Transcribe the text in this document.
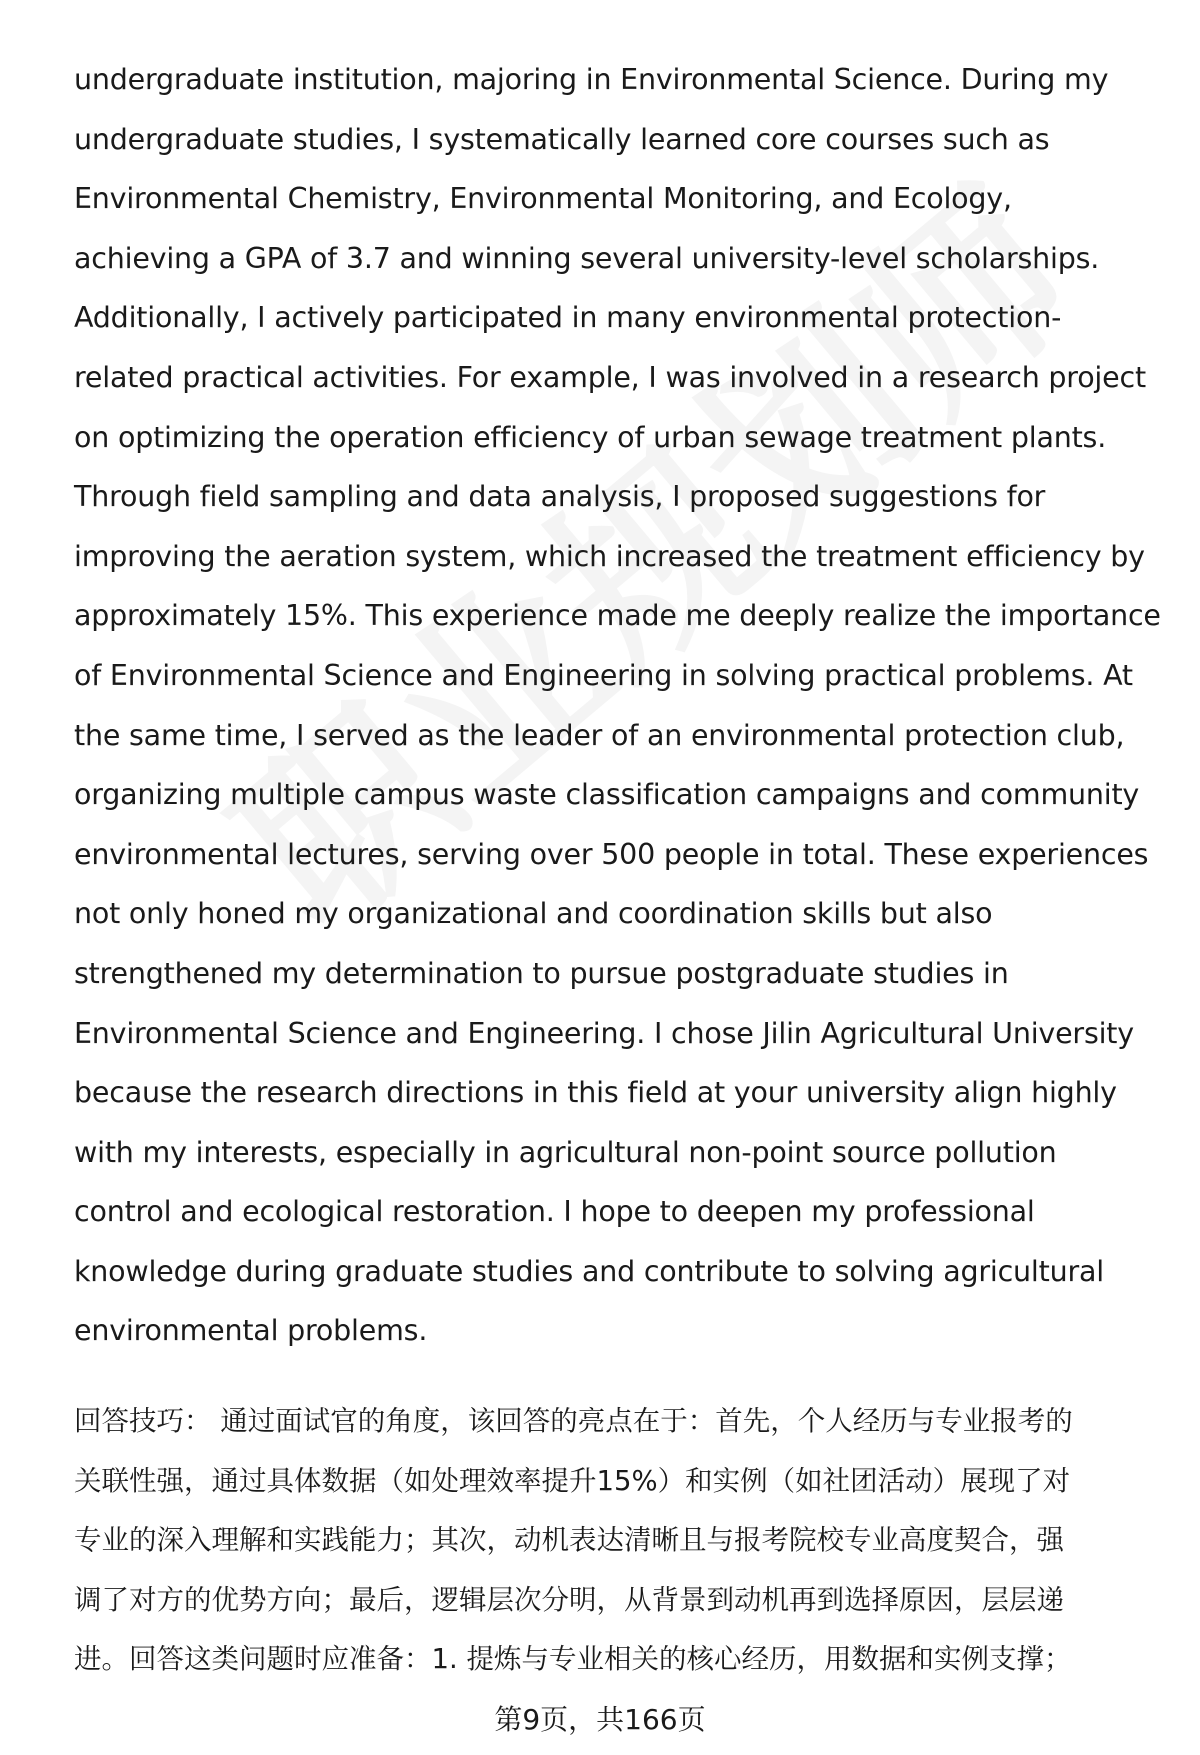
undergraduate institution, majoring in Environmental Science. During my
undergraduate studies, I systematically learned core courses such as
Environmental Chemistry, Environmental Monitoring, and Ecology,
achieving a GPA of 3.7 and winning several university-level scholarships.
Additionally, I actively participated in many environmental protection-
related practical activities. For example, I was involved in a research project
on optimizing the operation efficiency of urban sewage treatment plants.
Through field sampling and data analysis, I proposed suggestions for
improving the aeration system, which increased the treatment efficiency by
approximately 15%. This experience made me deeply realize the importance
of Environmental Science and Engineering in solving practical problems. At
the same time, I served as the leader of an environmental protection club,
organizing multiple campus waste classification campaigns and community
environmental lectures, serving over 500 people in total. These experiences
not only honed my organizational and coordination skills but also
strengthened my determination to pursue postgraduate studies in
Environmental Science and Engineering. I chose Jilin Agricultural University
because the research directions in this field at your university align highly
with my interests, especially in agricultural non-point source pollution
control and ecological restoration. I hope to deepen my professional
knowledge during graduate studies and contribute to solving agricultural
environmental problems.
回答技巧： 通过面试官的角度，该回答的亮点在于：首先，个人经历与专业报考的
关联性强，通过具体数据（如处理效率提升15%）和实例（如社团活动）展现了对
专业的深入理解和实践能力；其次，动机表达清晰且与报考院校专业高度契合，强
调了对方的优势方向；最后，逻辑层次分明，从背景到动机再到选择原因，层层递
进。回答这类问题时应准备：1. 提炼与专业相关的核心经历，用数据和实例支撑；
第9页，共166页
